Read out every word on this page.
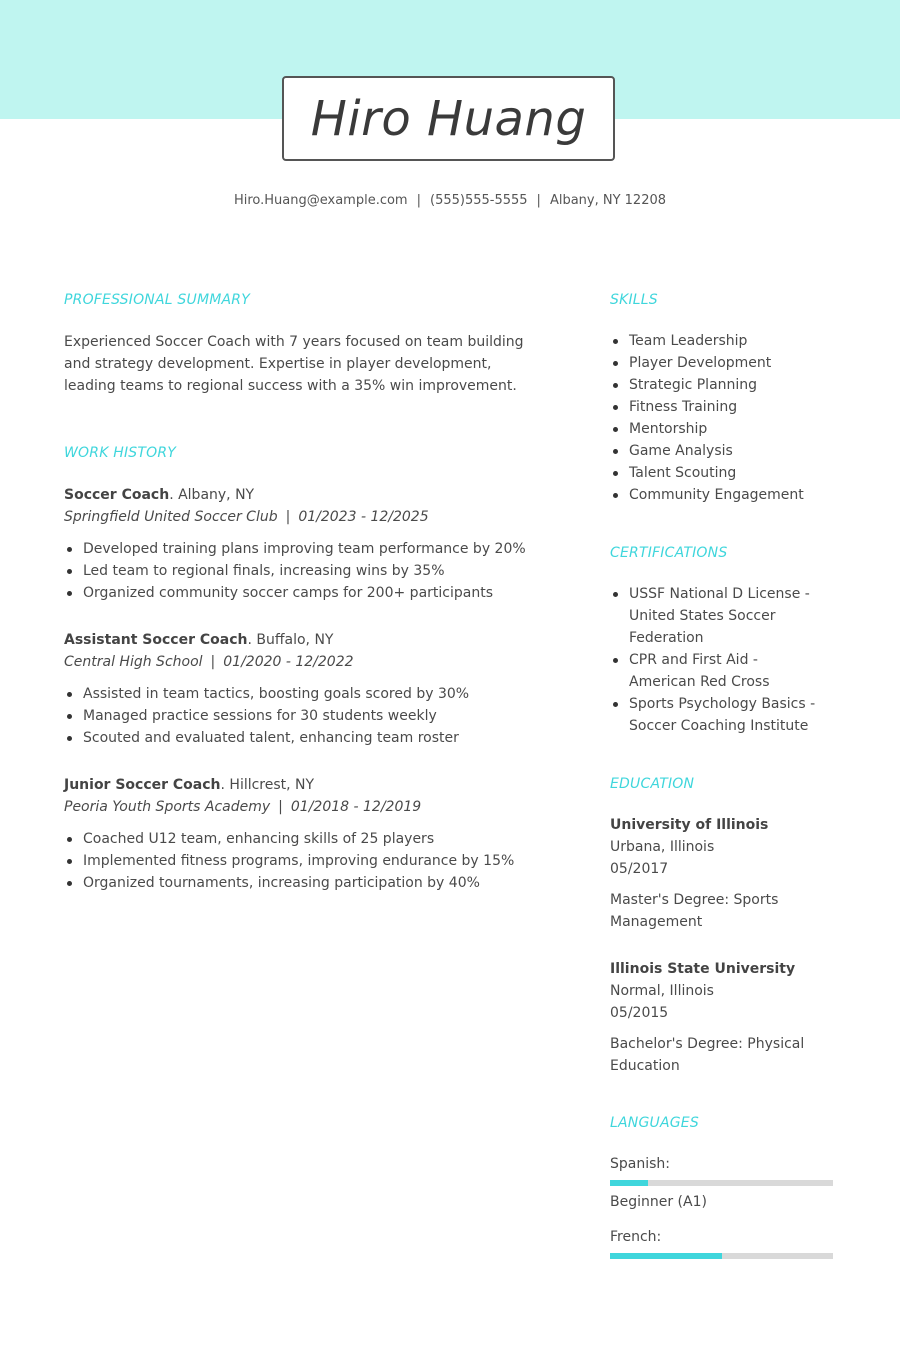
Hiro Huang
Hiro.Huang@example.com | (555)555-5555 | Albany, NY 12208
PROFESSIONAL SUMMARY
Experienced Soccer Coach with 7 years focused on team building and strategy development. Expertise in player development, leading teams to regional success with a 35% win improvement.
WORK HISTORY
Soccer Coach. Albany, NY
Springfield United Soccer Club | 01/2023 - 12/2025
Developed training plans improving team performance by 20%
Led team to regional finals, increasing wins by 35%
Organized community soccer camps for 200+ participants
Assistant Soccer Coach. Buffalo, NY
Central High School | 01/2020 - 12/2022
Assisted in team tactics, boosting goals scored by 30%
Managed practice sessions for 30 students weekly
Scouted and evaluated talent, enhancing team roster
Junior Soccer Coach. Hillcrest, NY
Peoria Youth Sports Academy | 01/2018 - 12/2019
Coached U12 team, enhancing skills of 25 players
Implemented fitness programs, improving endurance by 15%
Organized tournaments, increasing participation by 40%
SKILLS
Team Leadership
Player Development
Strategic Planning
Fitness Training
Mentorship
Game Analysis
Talent Scouting
Community Engagement
CERTIFICATIONS
USSF National D License - United States Soccer Federation
CPR and First Aid - American Red Cross
Sports Psychology Basics - Soccer Coaching Institute
EDUCATION
University of Illinois
Urbana, Illinois
05/2017
Master's Degree: Sports Management
Illinois State University
Normal, Illinois
05/2015
Bachelor's Degree: Physical Education
LANGUAGES
Spanish:
Beginner (A1)
French:
